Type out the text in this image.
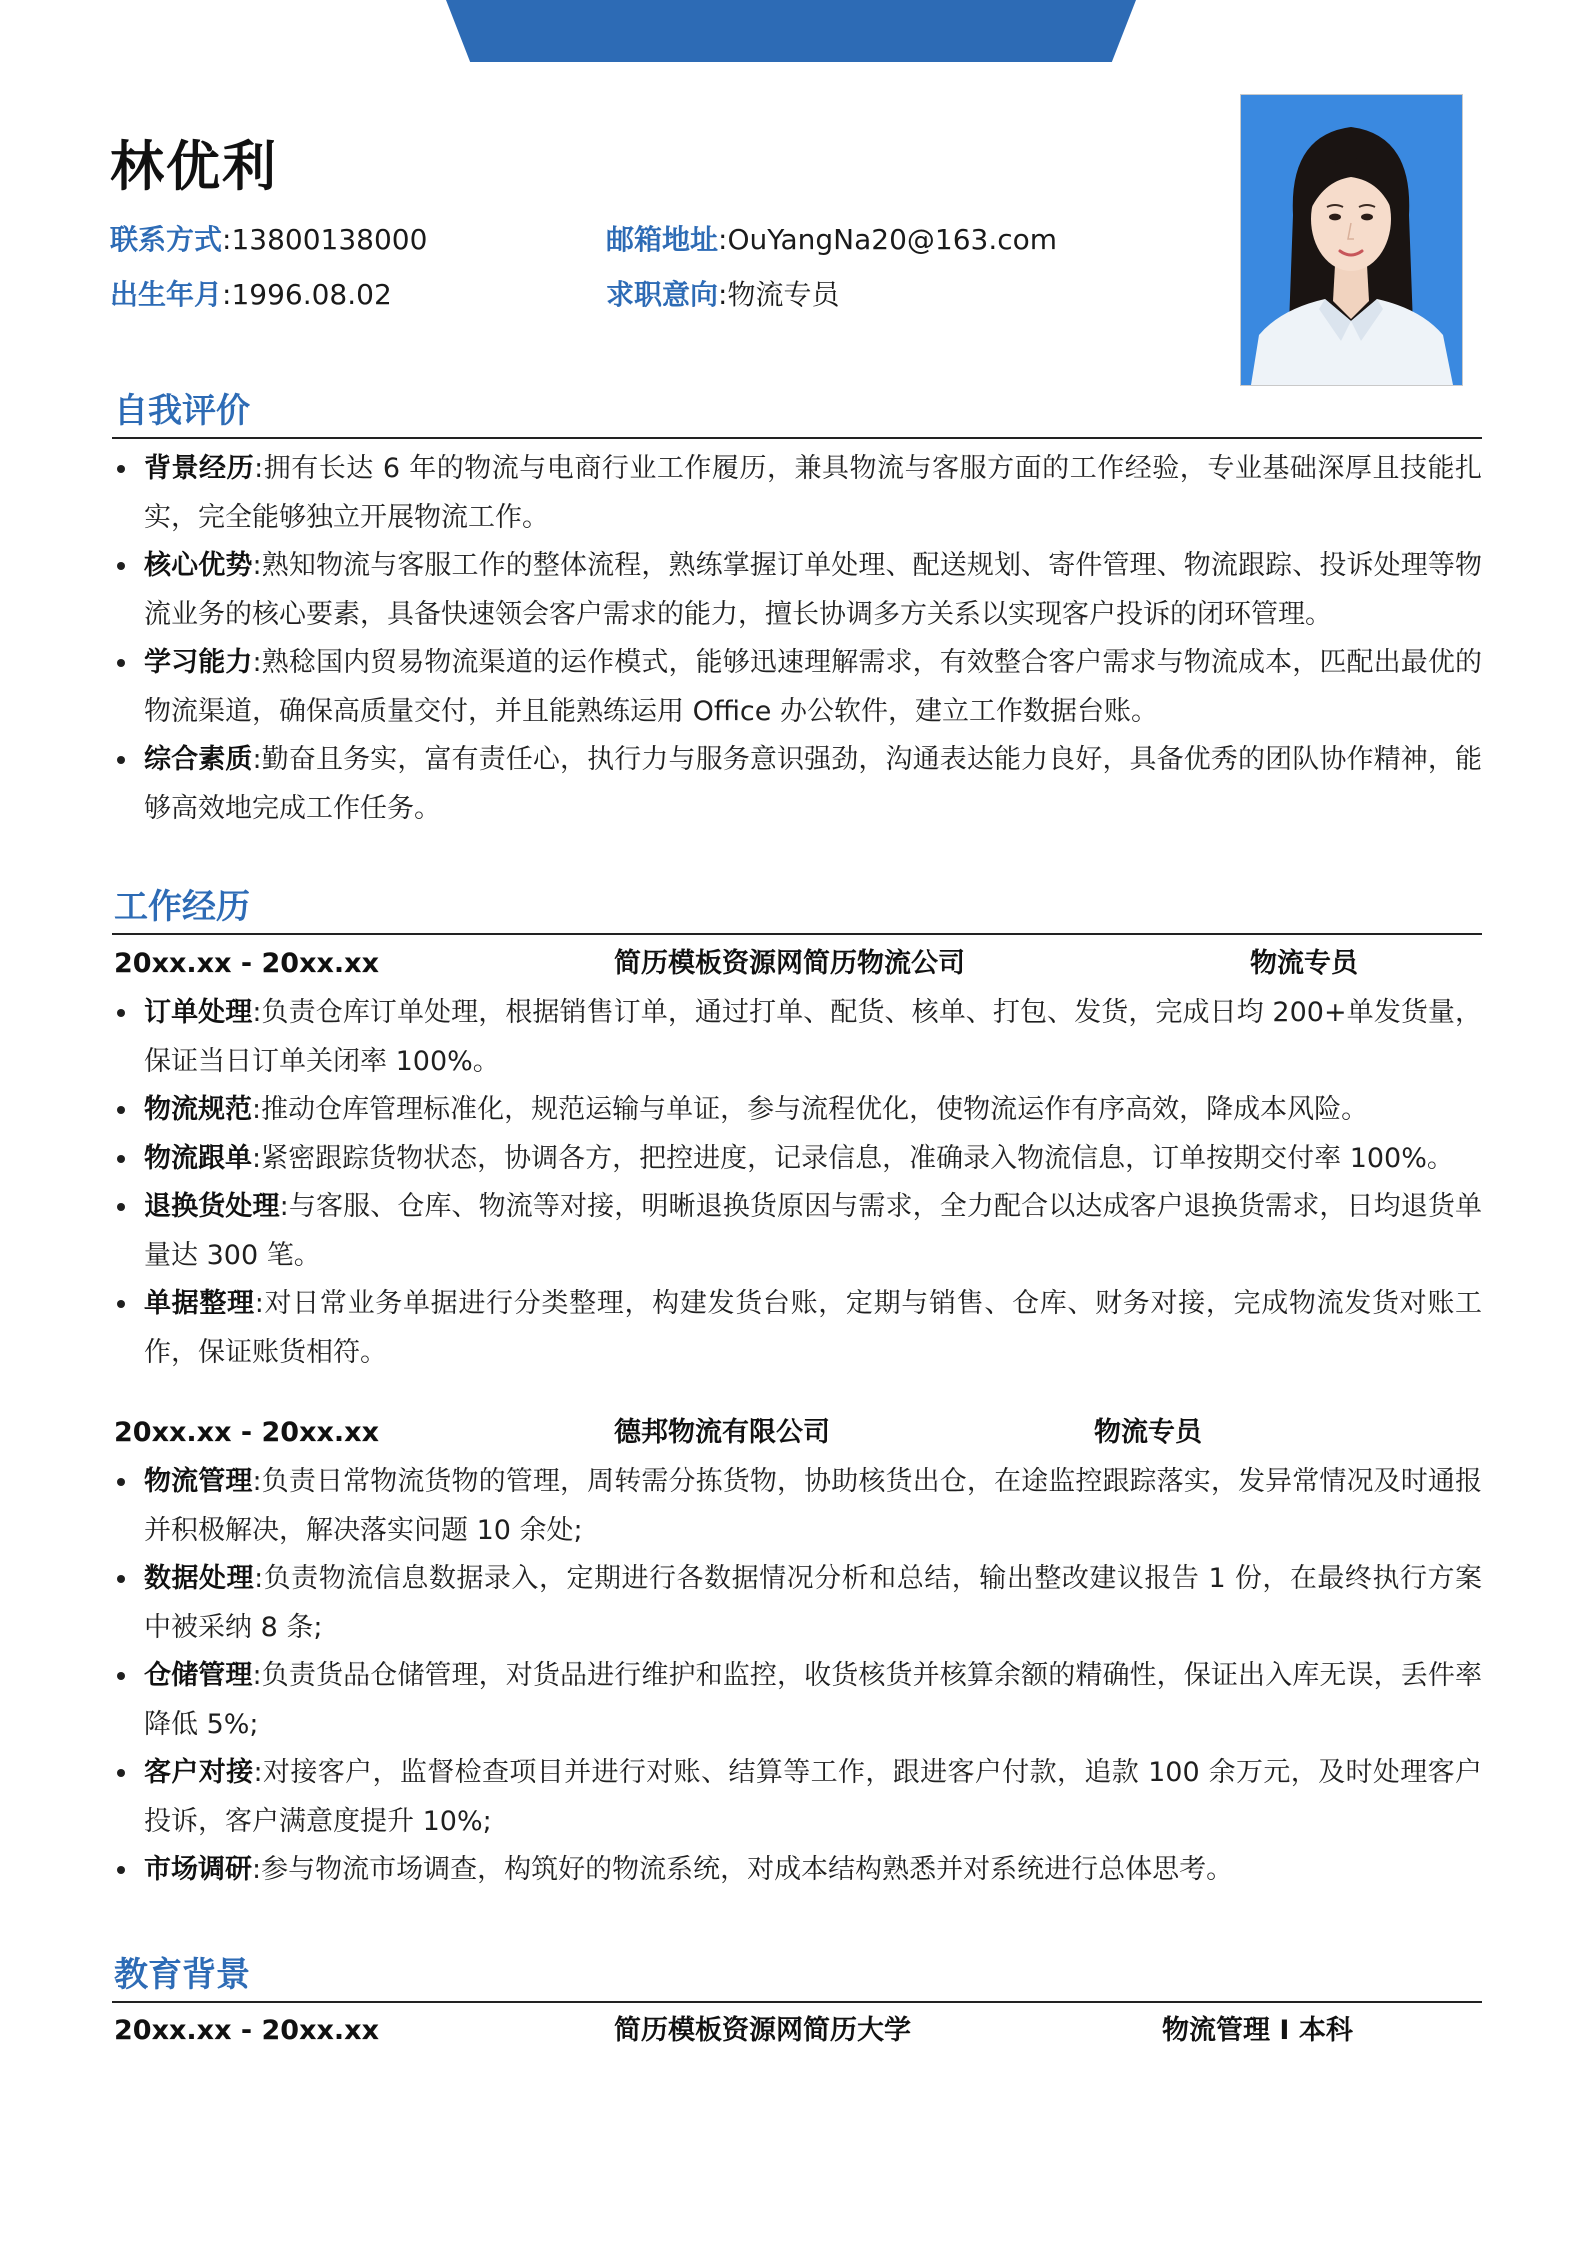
林优利
联系方式:13800138000	邮箱地址:OuYangNa20@163.com
出生年月:1996.08.02	求职意向:物流专员
自我评价
背景经历:拥有长达 6 年的物流与电商行业工作履历，兼具物流与客服方面的工作经验，专业基础深厚且技能扎实，完全能够独立开展物流工作。
核心优势:熟知物流与客服工作的整体流程，熟练掌握订单处理、配送规划、寄件管理、物流跟踪、投诉处理等物流业务的核心要素，具备快速领会客户需求的能力，擅长协调多方关系以实现客户投诉的闭环管理。
学习能力:熟稔国内贸易物流渠道的运作模式，能够迅速理解需求，有效整合客户需求与物流成本，匹配出最优的物流渠道，确保高质量交付，并且能熟练运用 Office 办公软件，建立工作数据台账。
综合素质:勤奋且务实，富有责任心，执行力与服务意识强劲，沟通表达能力良好，具备优秀的团队协作精神，能够高效地完成工作任务。
工作经历
20xx.xx - 20xx.xx	简历模板资源网简历物流公司	物流专员
订单处理:负责仓库订单处理，根据销售订单，通过打单、配货、核单、打包、发货，完成日均 200+单发货量，保证当日订单关闭率 100%。
物流规范:推动仓库管理标准化，规范运输与单证，参与流程优化，使物流运作有序高效，降成本风险。
物流跟单:紧密跟踪货物状态，协调各方，把控进度，记录信息，准确录入物流信息，订单按期交付率 100%。
退换货处理:与客服、仓库、物流等对接，明晰退换货原因与需求，全力配合以达成客户退换货需求，日均退货单量达 300 笔。
单据整理:对日常业务单据进行分类整理，构建发货台账，定期与销售、仓库、财务对接，完成物流发货对账工作，保证账货相符。
20xx.xx - 20xx.xx	德邦物流有限公司	物流专员
物流管理:负责日常物流货物的管理，周转需分拣货物，协助核货出仓，在途监控跟踪落实，发异常情况及时通报并积极解决，解决落实问题 10 余处;
数据处理:负责物流信息数据录入，定期进行各数据情况分析和总结，输出整改建议报告 1 份，在最终执行方案中被采纳 8 条;
仓储管理:负责货品仓储管理，对货品进行维护和监控，收货核货并核算余额的精确性，保证出入库无误，丢件率降低 5%;
客户对接:对接客户，监督检查项目并进行对账、结算等工作，跟进客户付款，追款 100 余万元，及时处理客户投诉，客户满意度提升 10%;
市场调研:参与物流市场调查，构筑好的物流系统，对成本结构熟悉并对系统进行总体思考。
教育背景
20xx.xx - 20xx.xx	简历模板资源网简历大学	物流管理 I 本科
